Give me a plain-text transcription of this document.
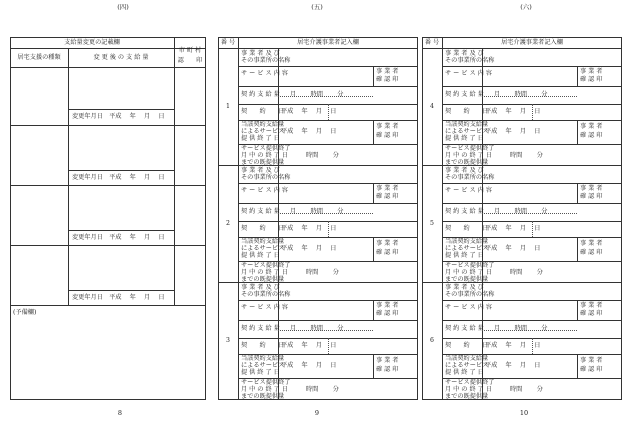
(四)	(五)	(六)
8	9	10
支給量変更の記載欄
居宅支援の種類	変 更 後 の 支 給 量
市 町 村
認　　印
変更年月日　平成　 年　 月　 日
変更年月日　平成　 年　 月　 日
変更年月日　平成　 年　 月　 日
変更年月日　平成　 年　 月　 日
(予備欄)
番 号	居宅介護事業者記入欄
1
事 業 者 及 び
その事業所の名称
サ ー ビ ス 内 容	事 業 者
確 認 印
契 約 支 給 量 月　　 時間　　 分
契　　約　　日
平成　 年　 月　 日
当該契約支給量
によるサービス
提 供 終 了 日
平成　 年　 月　 日
事 業 者
確 認 印
サービス提供終了
月 中 の 終 了 日
までの既提供量
時間　　 分
2
事 業 者 及 び
その事業所の名称
サ ー ビ ス 内 容	事 業 者
確 認 印
契 約 支 給 量 月　　 時間　　 分
契　　約　　日
平成　 年　 月　 日
当該契約支給量
によるサービス
提 供 終 了 日
平成　 年　 月　 日
事 業 者
確 認 印
サービス提供終了
月 中 の 終 了 日
までの既提供量
時間　　 分
3
事 業 者 及 び
その事業所の名称
サ ー ビ ス 内 容	事 業 者
確 認 印
契 約 支 給 量 月　　 時間　　 分
契　　約　　日
平成　 年　 月　 日
当該契約支給量
によるサービス
提 供 終 了 日
平成　 年　 月　 日
事 業 者
確 認 印
サービス提供終了
月 中 の 終 了 日
までの既提供量
時間　　 分
番 号	居宅介護事業者記入欄
4
事 業 者 及 び
その事業所の名称
サ ー ビ ス 内 容	事 業 者
確 認 印
契 約 支 給 量 月　　 時間　　 分
契　　約　　日
平成　 年　 月　 日
当該契約支給量
によるサービス
提 供 終 了 日
平成　 年　 月　 日
事 業 者
確 認 印
サービス提供終了
月 中 の 終 了 日
までの既提供量
時間　　 分
5
事 業 者 及 び
その事業所の名称
サ ー ビ ス 内 容	事 業 者
確 認 印
契 約 支 給 量 月　　 時間　　 分
契　　約　　日
平成　 年　 月　 日
当該契約支給量
によるサービス
提 供 終 了 日
平成　 年　 月　 日
事 業 者
確 認 印
サービス提供終了
月 中 の 終 了 日
までの既提供量
時間　　 分
6
事 業 者 及 び
その事業所の名称
サ ー ビ ス 内 容	事 業 者
確 認 印
契 約 支 給 量 月　　 時間　　 分
契　　約　　日
平成　 年　 月　 日
当該契約支給量
によるサービス
提 供 終 了 日
平成　 年　 月　 日
事 業 者
確 認 印
サービス提供終了
月 中 の 終 了 日
までの既提供量
時間　　 分
